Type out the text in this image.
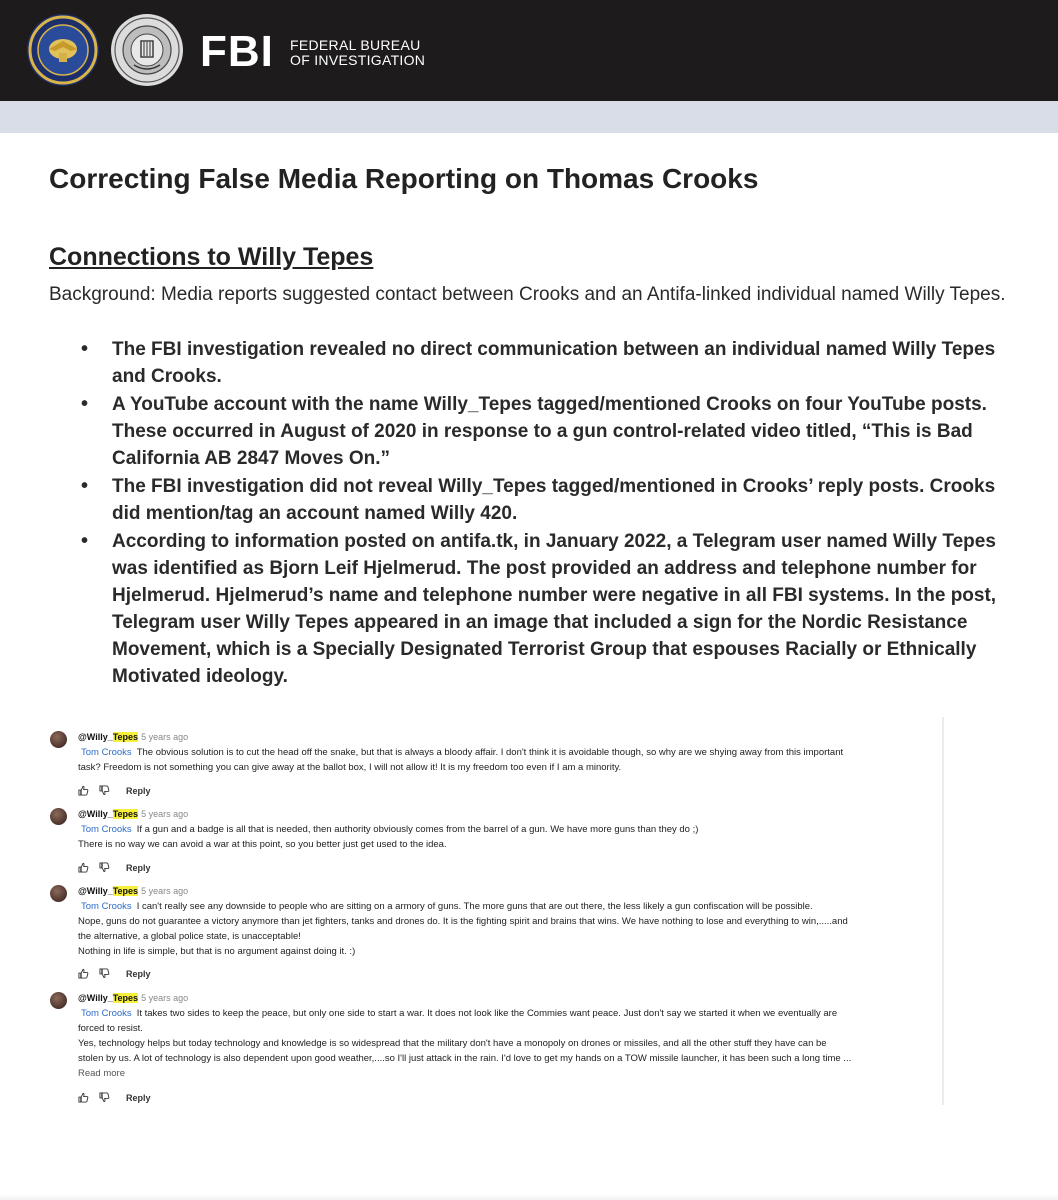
FBI FEDERAL BUREAU
OF INVESTIGATION
Correcting False Media Reporting on Thomas Crooks
Connections to Willy Tepes
Background: Media reports suggested contact between Crooks and an Antifa-linked individual named Willy Tepes.
• The FBI investigation revealed no direct communication between an individual named Willy Tepes and Crooks.
• A YouTube account with the name Willy_Tepes tagged/mentioned Crooks on four YouTube posts. These occurred in August of 2020 in response to a gun control-related video titled, “This is Bad California AB 2847 Moves On.”
• The FBI investigation did not reveal Willy_Tepes tagged/mentioned in Crooks’ reply posts. Crooks did mention/tag an account named Willy 420.
• According to information posted on antifa.tk, in January 2022, a Telegram user named Willy Tepes was identified as Bjorn Leif Hjelmerud. The post provided an address and telephone number for Hjelmerud. Hjelmerud’s name and telephone number were negative in all FBI systems. In the post, Telegram user Willy Tepes appeared in an image that included a sign for the Nordic Resistance Movement, which is a Specially Designated Terrorist Group that espouses Racially or Ethnically Motivated ideology.
@Willy_Tepes 5 years ago
Tom Crooks The obvious solution is to cut the head off the snake, but that is always a bloody affair. I don't think it is avoidable though, so why are we shying away from this important
task? Freedom is not something you can give away at the ballot box, I will not allow it! It is my freedom too even if I am a minority.
Reply
@Willy_Tepes 5 years ago
Tom Crooks If a gun and a badge is all that is needed, then authority obviously comes from the barrel of a gun. We have more guns than they do ;)
There is no way we can avoid a war at this point, so you better just get used to the idea.
Reply
@Willy_Tepes 5 years ago
Tom Crooks I can't really see any downside to people who are sitting on a armory of guns. The more guns that are out there, the less likely a gun confiscation will be possible.
Nope, guns do not guarantee a victory anymore than jet fighters, tanks and drones do. It is the fighting spirit and brains that wins. We have nothing to lose and everything to win,.....and
the alternative, a global police state, is unacceptable!
Nothing in life is simple, but that is no argument against doing it. :)
Reply
@Willy_Tepes 5 years ago
Tom Crooks It takes two sides to keep the peace, but only one side to start a war. It does not look like the Commies want peace. Just don't say we started it when we eventually are
forced to resist.
Yes, technology helps but today technology and knowledge is so widespread that the military don't have a monopoly on drones or missiles, and all the other stuff they have can be
stolen by us. A lot of technology is also dependent upon good weather,....so I'll just attack in the rain. I'd love to get my hands on a TOW missile launcher, it has been such a long time ...
Read more
Reply
